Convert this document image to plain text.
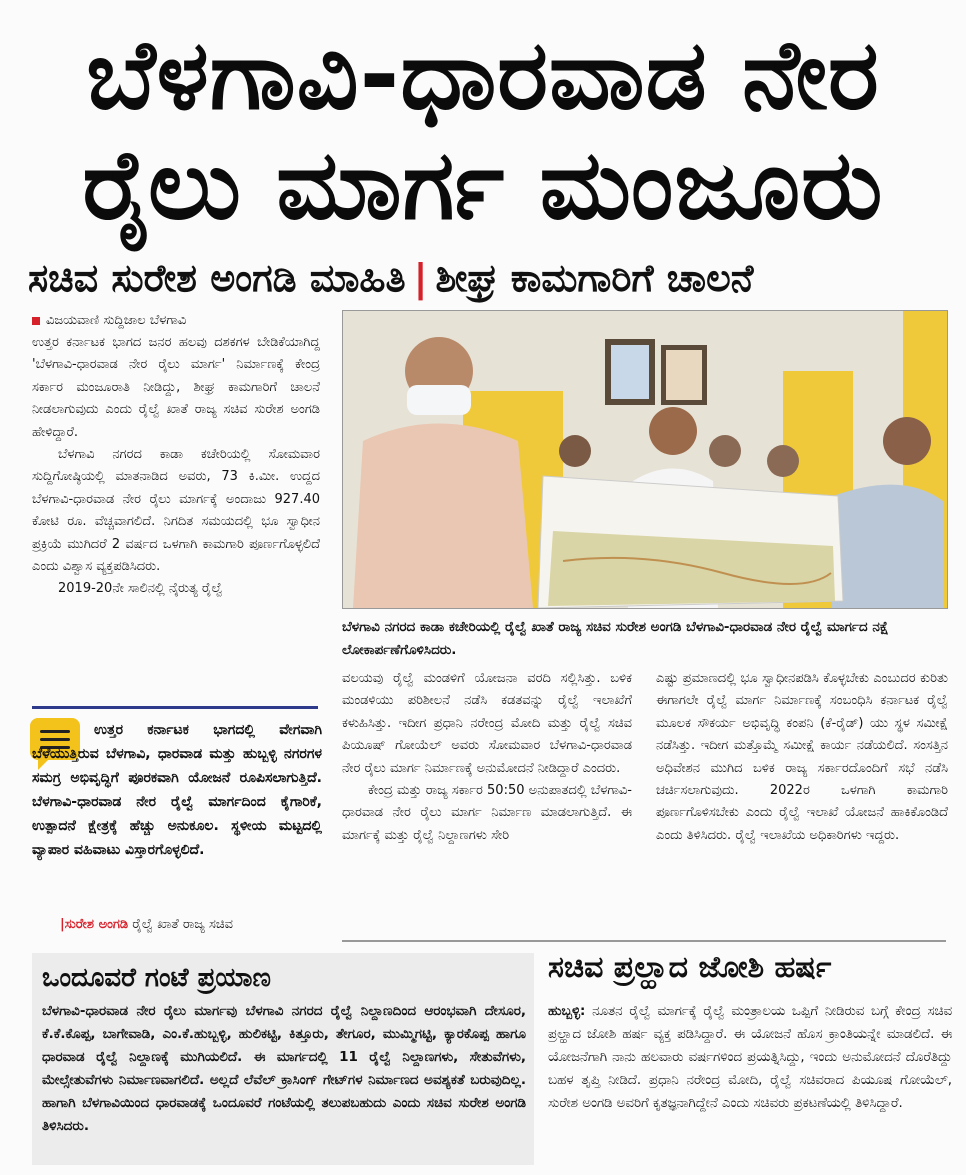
ಬೆಳಗಾವಿ-ಧಾರವಾಡ ನೇರ
ರೈಲು ಮಾರ್ಗ ಮಂಜೂರು
ಸಚಿವ ಸುರೇಶ ಅಂಗಡಿ ಮಾಹಿತಿ | ಶೀಘ್ರ ಕಾಮಗಾರಿಗೆ ಚಾಲನೆ
ವಿಜಯವಾಣಿ ಸುದ್ದಿಜಾಲ ಬೆಳಗಾವಿ

ಉತ್ತರ ಕರ್ನಾಟಕ ಭಾಗದ ಜನರ ಹಲವು ದಶಕಗಳ ಬೇಡಿಕೆಯಾಗಿದ್ದ 'ಬೆಳಗಾವಿ-ಧಾರವಾಡ ನೇರ ರೈಲು ಮಾರ್ಗ' ನಿರ್ಮಾಣಕ್ಕೆ ಕೇಂದ್ರ ಸರ್ಕಾರ ಮಂಜೂರಾತಿ ನೀಡಿದ್ದು, ಶೀಘ್ರ ಕಾಮಗಾರಿಗೆ ಚಾಲನೆ ನೀಡಲಾಗುವುದು ಎಂದು ರೈಲ್ವೆ ಖಾತೆ ರಾಜ್ಯ ಸಚಿವ ಸುರೇಶ ಅಂಗಡಿ ಹೇಳಿದ್ದಾರೆ.

ಬೆಳಗಾವಿ ನಗರದ ಕಾಡಾ ಕಚೇರಿಯಲ್ಲಿ ಸೋಮವಾರ ಸುದ್ದಿಗೋಷ್ಠಿಯಲ್ಲಿ ಮಾತನಾಡಿದ ಅವರು, 73 ಕಿ.ಮೀ. ಉದ್ದದ ಬೆಳಗಾವಿ-ಧಾರವಾಡ ನೇರ ರೈಲು ಮಾರ್ಗಕ್ಕೆ ಅಂದಾಜು 927.40 ಕೋಟಿ ರೂ. ವೆಚ್ಚವಾಗಲಿದೆ. ನಿಗದಿತ ಸಮಯದಲ್ಲಿ ಭೂ ಸ್ವಾಧೀನ ಪ್ರಕ್ರಿಯೆ ಮುಗಿದರೆ 2 ವರ್ಷದ ಒಳಗಾಗಿ ಕಾಮಗಾರಿ ಪೂರ್ಣಗೊಳ್ಳಲಿದೆ ಎಂದು ವಿಶ್ವಾಸ ವ್ಯಕ್ತಪಡಿಸಿದರು.

2019-20ನೇ ಸಾಲಿನಲ್ಲಿ ನೈರುತ್ಯ ರೈಲ್ವೆ

ಉತ್ತರ ಕರ್ನಾಟಕ ಭಾಗದಲ್ಲಿ ವೇಗವಾಗಿ ಬೆಳೆಯುತ್ತಿರುವ ಬೆಳಗಾವಿ, ಧಾರವಾಡ ಮತ್ತು ಹುಬ್ಬಳ್ಳಿ ನಗರಗಳ ಸಮಗ್ರ ಅಭಿವೃದ್ಧಿಗೆ ಪೂರಕವಾಗಿ ಯೋಜನೆ ರೂಪಿಸಲಾಗುತ್ತಿದೆ. ಬೆಳಗಾವಿ-ಧಾರವಾಡ ನೇರ ರೈಲ್ವೆ ಮಾರ್ಗದಿಂದ ಕೈಗಾರಿಕೆ, ಉತ್ಪಾದನೆ ಕ್ಷೇತ್ರಕ್ಕೆ ಹೆಚ್ಚು ಅನುಕೂಲ. ಸ್ಥಳೀಯ ಮಟ್ಟದಲ್ಲಿ ವ್ಯಾಪಾರ ವಹಿವಾಟು ವಿಸ್ತಾರಗೊಳ್ಳಲಿದೆ.
|ಸುರೇಶ ಅಂಗಡಿ ರೈಲ್ವೆ ಖಾತೆ ರಾಜ್ಯ ಸಚಿವ
ಬೆಳಗಾವಿ ನಗರದ ಕಾಡಾ ಕಚೇರಿಯಲ್ಲಿ ರೈಲ್ವೆ ಖಾತೆ ರಾಜ್ಯ ಸಚಿವ ಸುರೇಶ ಅಂಗಡಿ ಬೆಳಗಾವಿ-ಧಾರವಾಡ ನೇರ ರೈಲ್ವೆ ಮಾರ್ಗದ ನಕ್ಷೆ ಲೋಕಾರ್ಪಣೆಗೊಳಿಸಿದರು.

ವಲಯವು ರೈಲ್ವೆ ಮಂಡಳಿಗೆ ಯೋಜನಾ ವರದಿ ಸಲ್ಲಿಸಿತ್ತು. ಬಳಿಕ ಮಂಡಳಿಯು ಪರಿಶೀಲನೆ ನಡೆಸಿ ಕಡತವನ್ನು ರೈಲ್ವೆ ಇಲಾಖೆಗೆ ಕಳುಹಿಸಿತ್ತು. ಇದೀಗ ಪ್ರಧಾನಿ ನರೇಂದ್ರ ಮೋದಿ ಮತ್ತು ರೈಲ್ವೆ ಸಚಿವ ಪಿಯೂಷ್ ಗೋಯೆಲ್ ಅವರು ಸೋಮವಾರ ಬೆಳಗಾವಿ-ಧಾರವಾಡ ನೇರ ರೈಲು ಮಾರ್ಗ ನಿರ್ಮಾಣಕ್ಕೆ ಅನುಮೋದನೆ ನೀಡಿದ್ದಾರೆ ಎಂದರು.

ಕೇಂದ್ರ ಮತ್ತು ರಾಜ್ಯ ಸರ್ಕಾರ 50:50 ಅನುಪಾತದಲ್ಲಿ ಬೆಳಗಾವಿ-ಧಾರವಾಡ ನೇರ ರೈಲು ಮಾರ್ಗ ನಿರ್ಮಾಣ ಮಾಡಲಾಗುತ್ತಿದೆ. ಈ ಮಾರ್ಗಕ್ಕೆ ಮತ್ತು ರೈಲ್ವೆ ನಿಲ್ದಾಣಗಳು ಸೇರಿ

ಎಷ್ಟು ಪ್ರಮಾಣದಲ್ಲಿ ಭೂ ಸ್ವಾಧೀನಪಡಿಸಿ ಕೊಳ್ಳಬೇಕು ಎಂಬುದರ ಕುರಿತು ಈಗಾಗಲೇ ರೈಲ್ವೆ ಮಾರ್ಗ ನಿರ್ಮಾಣಕ್ಕೆ ಸಂಬಂಧಿಸಿ ಕರ್ನಾಟಕ ರೈಲ್ವೆ ಮೂಲಕ ಸೌಕರ್ಯ ಅಭಿವೃದ್ಧಿ ಕಂಪನಿ (ಕೆ-ರೈಡ್) ಯು ಸ್ಥಳ ಸಮೀಕ್ಷೆ ನಡೆಸಿತ್ತು. ಇದೀಗ ಮತ್ತೊಮ್ಮೆ ಸಮೀಕ್ಷೆ ಕಾರ್ಯ ನಡೆಯಲಿದೆ. ಸಂಸತ್ತಿನ ಅಧಿವೇಶನ ಮುಗಿದ ಬಳಿಕ ರಾಜ್ಯ ಸರ್ಕಾರದೊಂದಿಗೆ ಸಭೆ ನಡೆಸಿ ಚರ್ಚಿಸಲಾಗುವುದು. 2022ರ ಒಳಗಾಗಿ ಕಾಮಗಾರಿ ಪೂರ್ಣಗೊಳಿಸಬೇಕು ಎಂದು ರೈಲ್ವೆ ಇಲಾಖೆ ಯೋಜನೆ ಹಾಕಿಕೊಂಡಿದೆ ಎಂದು ತಿಳಿಸಿದರು. ರೈಲ್ವೆ ಇಲಾಖೆಯ ಅಧಿಕಾರಿಗಳು ಇದ್ದರು.

ಒಂದೂವರೆ ಗಂಟೆ ಪ್ರಯಾಣ
ಬೆಳಗಾವಿ-ಧಾರವಾಡ ನೇರ ರೈಲು ಮಾರ್ಗವು ಬೆಳಗಾವಿ ನಗರದ ರೈಲ್ವೆ ನಿಲ್ದಾಣದಿಂದ ಆರಂಭವಾಗಿ ದೇಸೂರ, ಕೆ.ಕೆ.ಕೊಪ್ಪ, ಬಾಗೇವಾಡಿ, ಎಂ.ಕೆ.ಹುಬ್ಬಳ್ಳಿ, ಹುಲಿಕಟ್ಟಿ, ಕಿತ್ತೂರು, ತೇಗೂರ, ಮುಮ್ಮಿಗಟ್ಟಿ, ಕ್ಯಾರಕೊಪ್ಪ ಹಾಗೂ ಧಾರವಾಡ ರೈಲ್ವೆ ನಿಲ್ದಾಣಕ್ಕೆ ಮುಗಿಯಲಿದೆ. ಈ ಮಾರ್ಗದಲ್ಲಿ 11 ರೈಲ್ವೆ ನಿಲ್ದಾಣಗಳು, ಸೇತುವೆಗಳು, ಮೇಲ್ಸೇತುವೆಗಳು ನಿರ್ಮಾಣವಾಗಲಿದೆ. ಅಲ್ಲದೆ ಲೆವೆಲ್ ಕ್ರಾಸಿಂಗ್ ಗೇಟ್‌ಗಳ ನಿರ್ಮಾಣದ ಅವಶ್ಯಕತೆ ಬರುವುದಿಲ್ಲ. ಹಾಗಾಗಿ ಬೆಳಗಾವಿಯಿಂದ ಧಾರವಾಡಕ್ಕೆ ಒಂದೂವರೆ ಗಂಟೆಯಲ್ಲಿ ತಲುಪಬಹುದು ಎಂದು ಸಚಿವ ಸುರೇಶ ಅಂಗಡಿ ತಿಳಿಸಿದರು.
ಸಚಿವ ಪ್ರಲ್ಹಾದ ಜೋಶಿ ಹರ್ಷ
ಹುಬ್ಬಳ್ಳಿ: ನೂತನ ರೈಲ್ವೆ ಮಾರ್ಗಕ್ಕೆ ರೈಲ್ವೆ ಮಂತ್ರಾಲಯ ಒಪ್ಪಿಗೆ ನೀಡಿರುವ ಬಗ್ಗೆ ಕೇಂದ್ರ ಸಚಿವ ಪ್ರಲ್ಹಾದ ಜೋಶಿ ಹರ್ಷ ವ್ಯಕ್ತ ಪಡಿಸಿದ್ದಾರೆ. ಈ ಯೋಜನೆ ಹೊಸ ಕ್ರಾಂತಿಯನ್ನೇ ಮಾಡಲಿದೆ. ಈ ಯೋಜನೆಗಾಗಿ ನಾನು ಹಲವಾರು ವರ್ಷಗಳಿಂದ ಪ್ರಯತ್ನಿಸಿದ್ದು, ಇಂದು ಅನುಮೋದನೆ ದೊರೆತಿದ್ದು ಬಹಳ ತೃಪ್ತಿ ನೀಡಿದೆ. ಪ್ರಧಾನಿ ನರೇಂದ್ರ ಮೋದಿ, ರೈಲ್ವೆ ಸಚಿವರಾದ ಪಿಯೂಷ ಗೋಯೆಲ್, ಸುರೇಶ ಅಂಗಡಿ ಅವರಿಗೆ ಕೃತಜ್ಞನಾಗಿದ್ದೇನೆ ಎಂದು ಸಚಿವರು ಪ್ರಕಟಣೆಯಲ್ಲಿ ತಿಳಿಸಿದ್ದಾರೆ.
